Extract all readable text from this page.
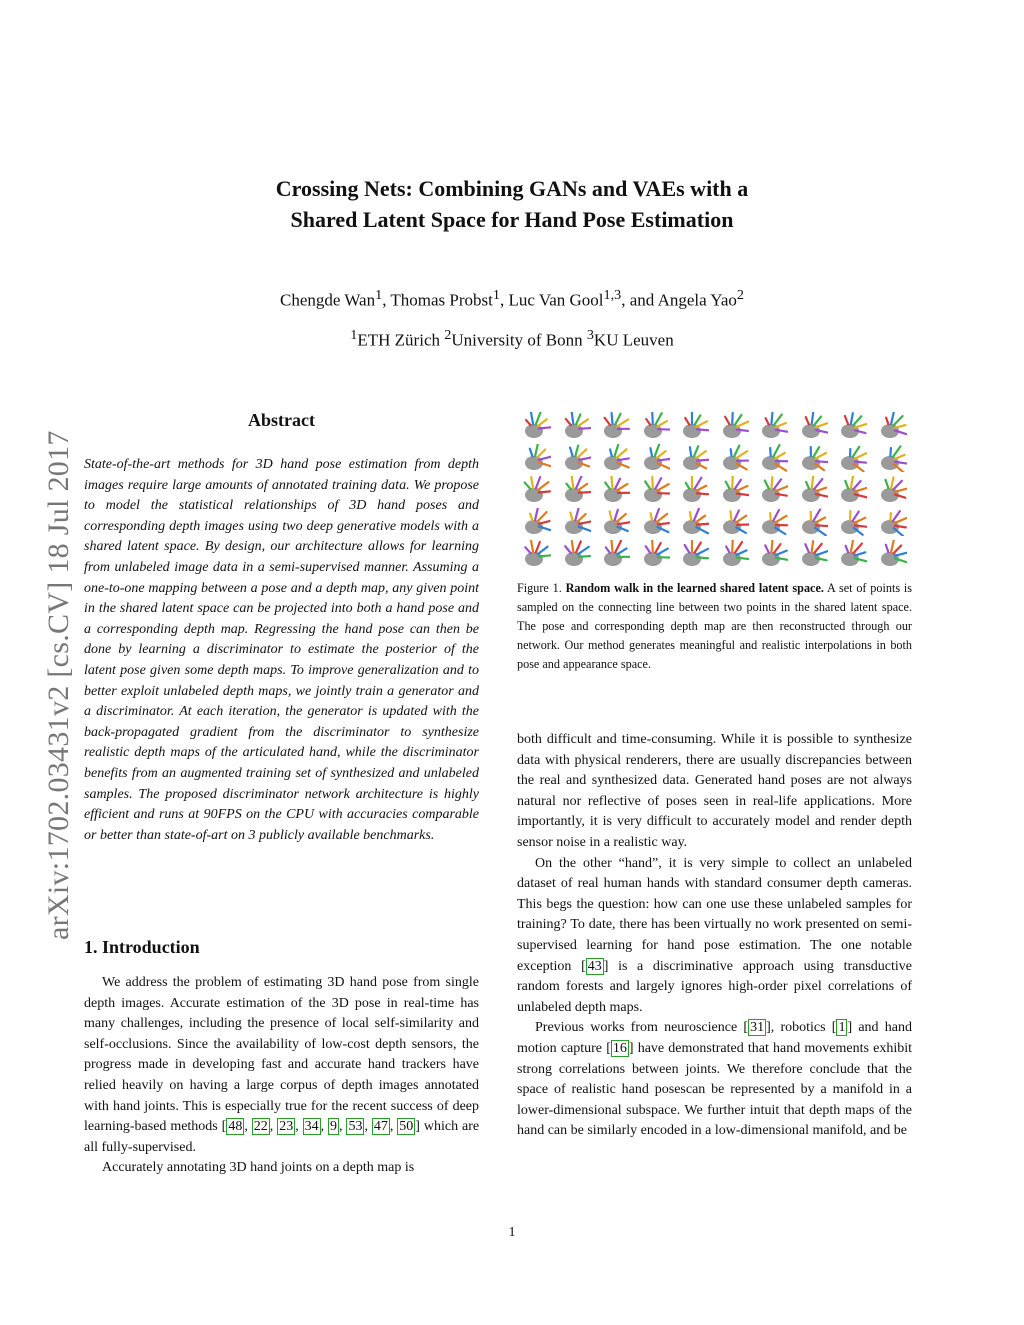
Crossing Nets: Combining GANs and VAEs with a
Shared Latent Space for Hand Pose Estimation
Chengde Wan$^1$, Thomas Probst$^1$, Luc Van Gool$^{1,3}$, and Angela Yao$^2$
$^1$ETH Zürich $^2$University of Bonn $^3$KU Leuven
arXiv:1702.03431v2 [cs.CV] 18 Jul 2017
Abstract

State-of-the-art methods for 3D hand pose estimation from depth images require large amounts of annotated training data. We propose to model the statistical relationships of 3D hand poses and corresponding depth images using two deep generative models with a shared latent space. By design, our architecture allows for learning from unlabeled image data in a semi-supervised manner. Assuming a one-to-one mapping between a pose and a depth map, any given point in the shared latent space can be projected into both a hand pose and a corresponding depth map. Regressing the hand pose can then be done by learning a discriminator to estimate the posterior of the latent pose given some depth maps. To improve generalization and to better exploit unlabeled depth maps, we jointly train a generator and a discriminator. At each iteration, the generator is updated with the back-propagated gradient from the discriminator to synthesize realistic depth maps of the articulated hand, while the discriminator benefits from an augmented training set of synthesized and unlabeled samples. The proposed discriminator network architecture is highly efficient and runs at 90FPS on the CPU with accuracies comparable or better than state-of-art on 3 publicly available benchmarks.

1. Introduction

We address the problem of estimating 3D hand pose from single depth images. Accurate estimation of the 3D pose in real-time has many challenges, including the presence of local self-similarity and self-occlusions. Since the availability of low-cost depth sensors, the progress made in developing fast and accurate hand trackers have relied heavily on having a large corpus of depth images annotated with hand joints. This is especially true for the recent success of deep learning-based methods [ 48 , 22 , 23 , 34 , 9 , 53 , 47 , 50 ] which are all fully-supervised.

Accurately annotating 3D hand joints on a depth map is

Figure 1. Random walk in the learned shared latent space. A set of points is sampled on the connecting line between two points in the shared latent space. The pose and corresponding depth map are then reconstructed through our network. Our method generates meaningful and realistic interpolations in both pose and appearance space.

both difficult and time-consuming. While it is possible to synthesize data with physical renderers, there are usually discrepancies between the real and synthesized data. Generated hand poses are not always natural nor reflective of poses seen in real-life applications. More importantly, it is very difficult to accurately model and render depth sensor noise in a realistic way.

On the other “hand”, it is very simple to collect an unlabeled dataset of real human hands with standard consumer depth cameras. This begs the question: how can one use these unlabeled samples for training? To date, there has been virtually no work presented on semi-supervised learning for hand pose estimation. The one notable exception [ 43 ] is a discriminative approach using transductive random forests and largely ignores high-order pixel correlations of unlabeled depth maps.

Previous works from neuroscience [ 31 ], robotics [ 1 ] and hand motion capture [ 16 ] have demonstrated that hand movements exhibit strong correlations between joints. We therefore conclude that the space of realistic hand posescan be represented by a manifold in a lower-dimensional subspace. We further intuit that depth maps of the hand can be similarly encoded in a low-dimensional manifold, and be

1
